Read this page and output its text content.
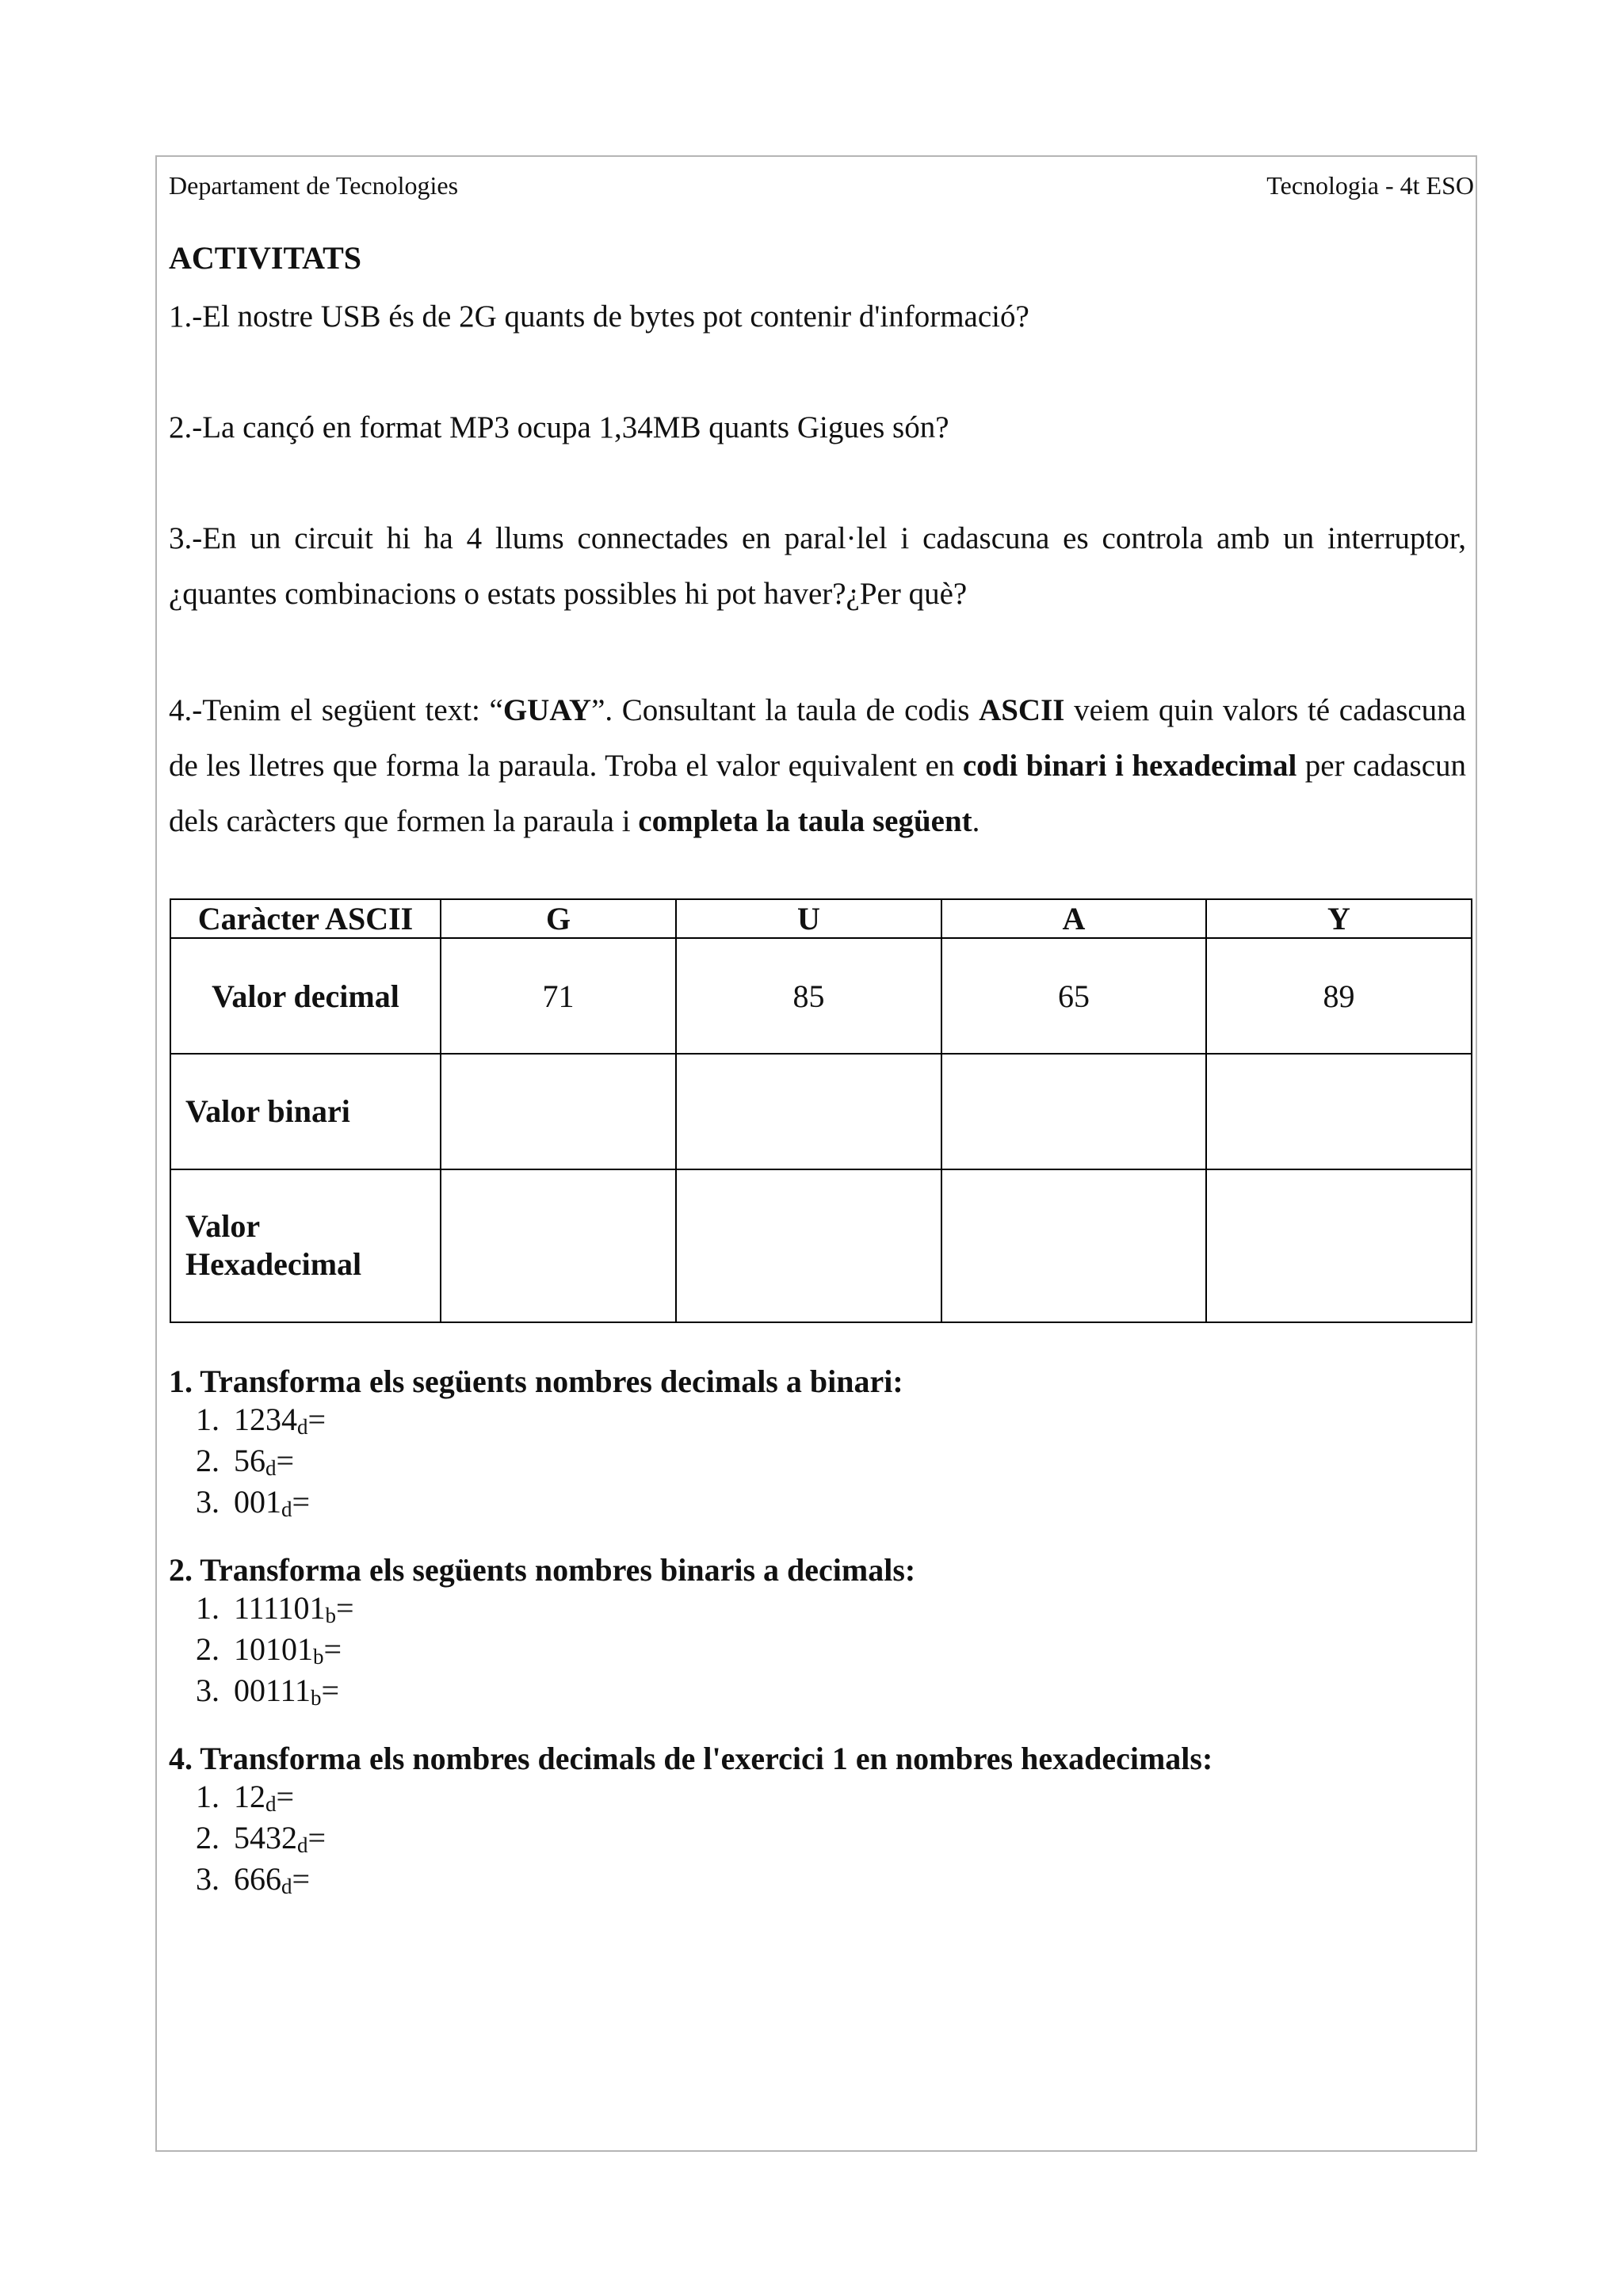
Departament de Tecnologies	Tecnologia - 4t ESO
ACTIVITATS

1.-El nostre USB és de 2G quants de bytes pot contenir d'informació?

2.-La cançó en format MP3 ocupa 1,34MB quants Gigues són?

3.-En un circuit hi ha 4 llums connectades en paral·lel i cadascuna es controla amb un interruptor,
¿quantes combinacions o estats possibles hi pot haver?¿Per què?

4.-Tenim el següent text: “GUAY”. Consultant la taula de codis ASCII veiem quin valors té cadascuna de les lletres que forma la paraula. Troba el valor equivalent en codi binari i hexadecimal per cadascun dels caràcters que formen la paraula i completa la taula següent.

Caràcter ASCII	G	U	A	Y
Valor decimal	71	85	65	89
Valor binari				

Valor
Hexadecimal				

1. Transforma els següents nombres decimals a binari:
1. 1234d=
2. 56d=
3. 001d=
2. Transforma els següents nombres binaris a decimals:
1. 111101b=
2. 10101b=
3. 00111b=
4. Transforma els nombres decimals de l'exercici 1 en nombres hexadecimals:
1. 12d=
2. 5432d=
3. 666d=
